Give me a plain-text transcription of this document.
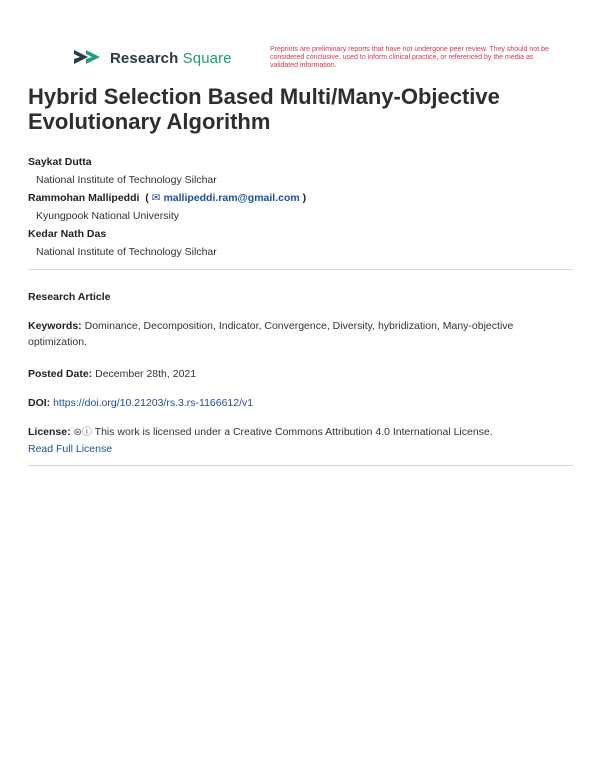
Research Square	Preprints are preliminary reports that have not undergone peer review. They should not be considered conclusive, used to inform clinical practice, or referenced by the media as validated information.
Hybrid Selection Based Multi/Many-Objective Evolutionary Algorithm
Saykat Dutta
National Institute of Technology Silchar
Rammohan Mallipeddi  ( ✉ mallipeddi.ram@gmail.com )
Kyungpook National University
Kedar Nath Das
National Institute of Technology Silchar
Research Article
Keywords: Dominance, Decomposition, Indicator, Convergence, Diversity, hybridization, Many-objective optimization.
Posted Date: December 28th, 2021
DOI: https://doi.org/10.21203/rs.3.rs-1166612/v1
License: ⊜ⓘ This work is licensed under a Creative Commons Attribution 4.0 International License.
Read Full License
